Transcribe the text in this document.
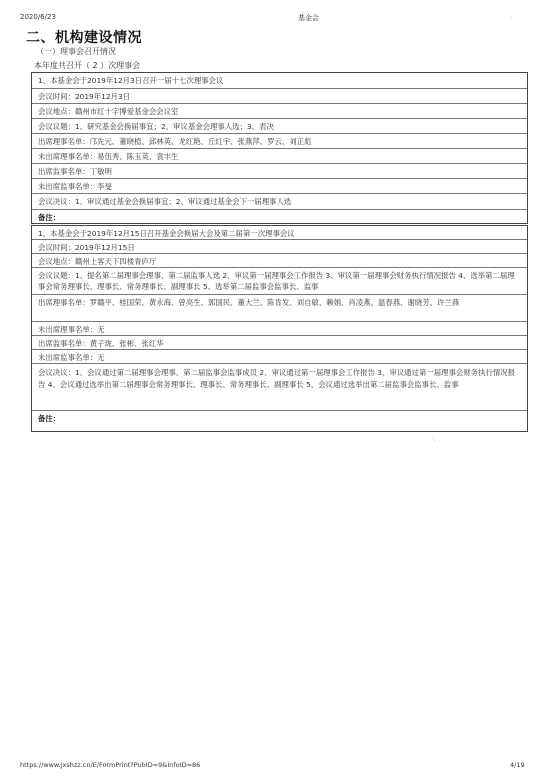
2020/6/23	基金会	·
二、机构建设情况
（一）理事会召开情况
本年度共召开（ 2 ）次理事会
1、本基金会于2019年12月3日召开一届十七次理事会议
会议时间：2019年12月3日
会议地点：赣州市红十字博爱基金会会议室
会议议题：1、研究基金会换届事宜；2、审议基金会理事人选；3、表决
出席理事名单：邝先元、董晓植、邱林英、龙红艳、丘红宇、张燕萍、罗云、刘正彪
未出席理事名单：易伍秀、陈玉英、袁丰生
出席监事名单：丁敏明
未出席监事名单：李旻
会议决议：1、审议通过基金会换届事宜；2、审议通过基金会下一届理事人选
备注：
1、本基金会于2019年12月15日召开基金会换届大会及第二届第一次理事会议
会议时间：2019年12月15日
会议地点：赣州上客天下四楼青庐厅
会议议题：1、提名第二届理事会理事、第二届监事人选 2、审议第一届理事会工作报告 3、审议第一届理事会财务执行情况报告 4、选举第二届理事会常务理事长、理事长、常务理事长、副理事长 5、选举第二届监事会监事长、监事
出席理事名单：罗赣平、桂国荣、黄永海、曾亮生、郭国民、董大兰、陈肯发、刘自敏、赖娟、肖凌燕、温春燕、谢晓芳、许兰燕
未出席理事名单：无
出席监事名单：黄子珑、张彬、张红华
未出席监事名单：无
会议决议：1、会议通过第二届理事会理事、第二届监事会监事成员 2、审议通过第一届理事会工作报告 3、审议通过第一届理事会财务执行情况报告 4、会议通过选举出第二届理事会常务理事长、理事长、常务理事长、副理事长 5、会议通过选举出第二届监事会监事长、监事
备注：
·.
https://www.jxshzz.cn/E/FormPrint?PubID=9&InfoID=86	4/19
